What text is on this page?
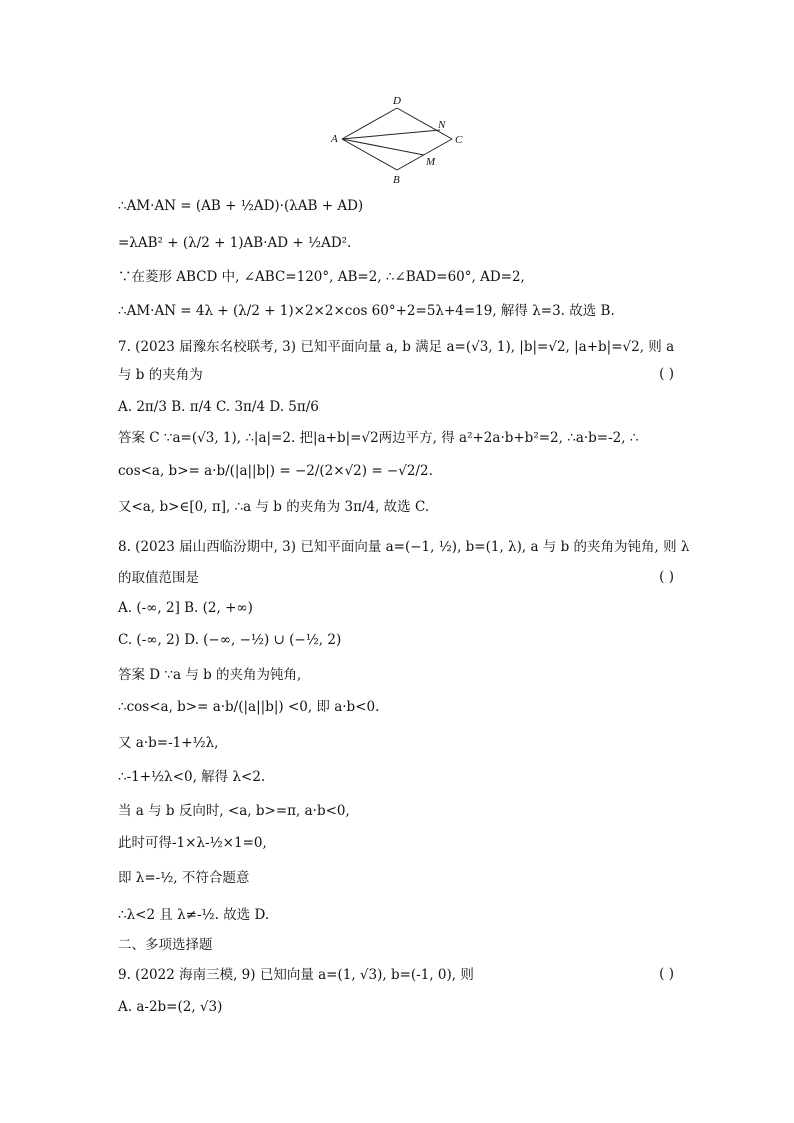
A
D
C
B
N
M
∴AM·AN = (AB + ½AD)·(λAB + AD)
=λAB² + (λ/2 + 1)AB·AD + ½AD².
∵在菱形 ABCD 中, ∠ABC=120°, AB=2, ∴∠BAD=60°, AD=2,
∴AM·AN = 4λ + (λ/2 + 1)×2×2×cos 60°+2=5λ+4=19, 解得 λ=3. 故选 B.
7. (2023 届豫东名校联考, 3) 已知平面向量 a, b 满足 a=(√3, 1), |b|=√2, |a+b|=√2, 则 a
与 b 的夹角为	( )
A. 2π/3 B. π/4 C. 3π/4 D. 5π/6
答案 C ∵a=(√3, 1), ∴|a|=2. 把|a+b|=√2两边平方, 得 a²+2a·b+b²=2, ∴a·b=-2, ∴
cos<a, b>= a·b/(|a||b|) = −2/(2×√2) = −√2/2.
又<a, b>∈[0, π], ∴a 与 b 的夹角为 3π/4, 故选 C.
8. (2023 届山西临汾期中, 3) 已知平面向量 a=(−1, ½), b=(1, λ), a 与 b 的夹角为钝角, 则 λ
的取值范围是	( )
A. (-∞, 2] B. (2, +∞)
C. (-∞, 2) D. (−∞, −½) ∪ (−½, 2)
答案 D ∵a 与 b 的夹角为钝角,
∴cos<a, b>= a·b/(|a||b|) <0, 即 a·b<0.
又 a·b=-1+½λ,
∴-1+½λ<0, 解得 λ<2.
当 a 与 b 反向时, <a, b>=π, a·b<0,
此时可得-1×λ-½×1=0,
即 λ=-½, 不符合题意
∴λ<2 且 λ≠-½. 故选 D.
二、多项选择题
9. (2022 海南三模, 9) 已知向量 a=(1, √3), b=(-1, 0), 则	( )
A. a-2b=(2, √3)
